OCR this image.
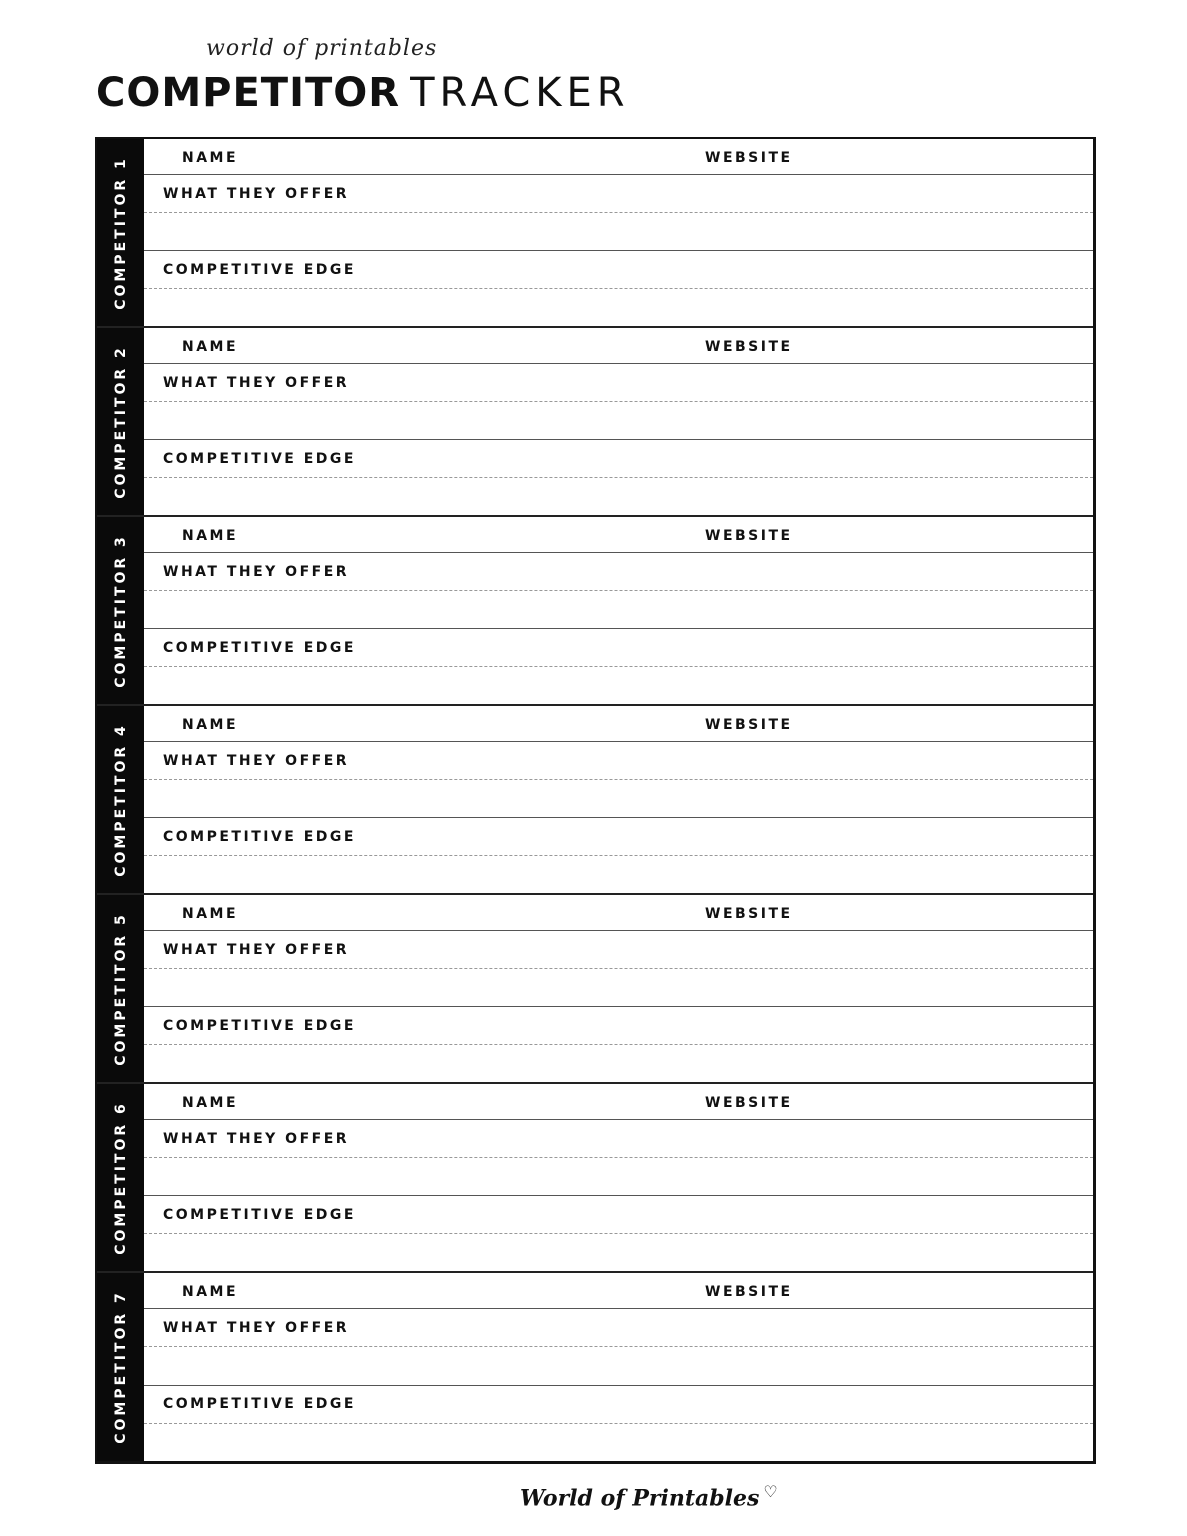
world of printables
COMPETITOR TRACKER
COMPETITOR 1	NAME	WEBSITE
WHAT THEY OFFER
COMPETITIVE EDGE
COMPETITOR 2	NAME	WEBSITE
WHAT THEY OFFER
COMPETITIVE EDGE
COMPETITOR 3	NAME	WEBSITE
WHAT THEY OFFER
COMPETITIVE EDGE
COMPETITOR 4	NAME	WEBSITE
WHAT THEY OFFER
COMPETITIVE EDGE
COMPETITOR 5	NAME	WEBSITE
WHAT THEY OFFER
COMPETITIVE EDGE
COMPETITOR 6	NAME	WEBSITE
WHAT THEY OFFER
COMPETITIVE EDGE
COMPETITOR 7	NAME	WEBSITE
WHAT THEY OFFER
COMPETITIVE EDGE
World of Printables ♡
